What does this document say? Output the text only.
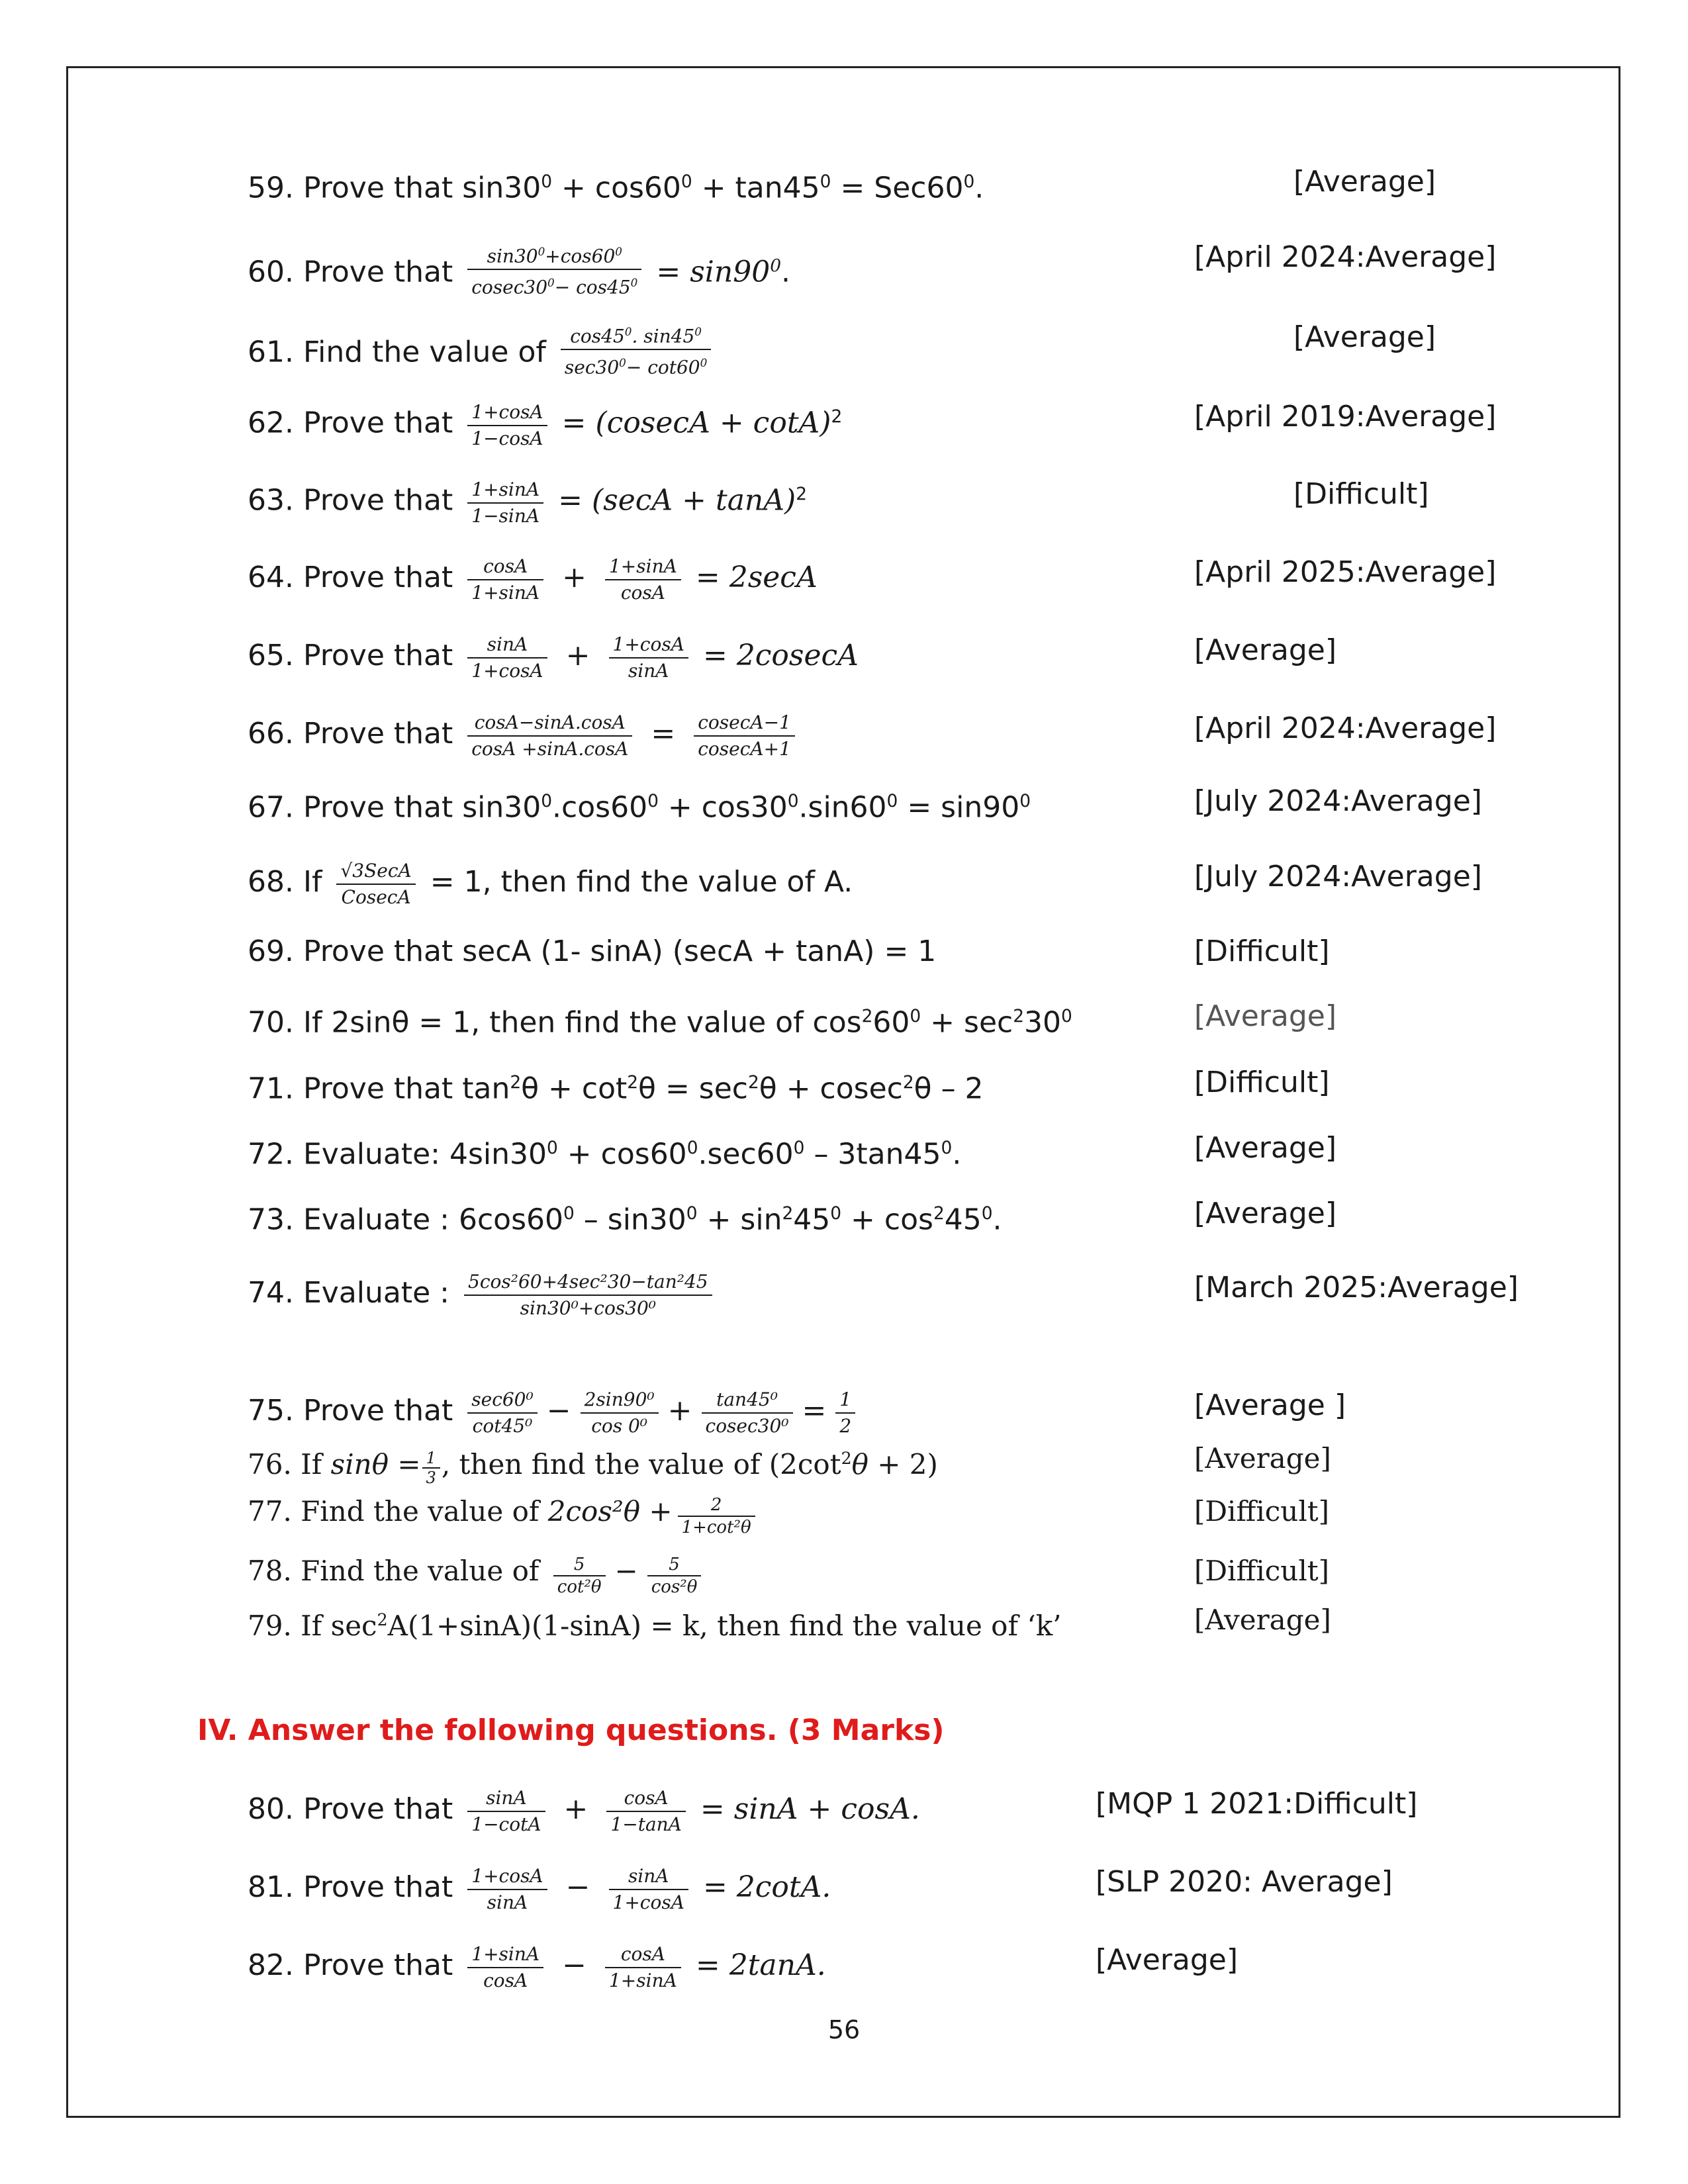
59. Prove that $\sin 30^0 + \cos 60^0 + \tan 45^0 = Sec60^0$.	[Average]
60. Prove that $\frac{\sin 30^0+\cos 60^0}{cosec30^0- \cos 45^0} = \sin 90^0$.	[April 2024:Average]
61. Find the value of $\frac{\cos 45^0. \sin 45^0}{\sec 30^0- \cot 60^0}$	[Average]
62. Prove that $\frac{1+\cos A}{1-\cos A} = (cosecA + \cot A)^2$	[April 2019:Average]
63. Prove that $\frac{1+\sin A}{1-\sin A} = (\sec A + \tan A)^2$	[Difficult]
64. Prove that $\frac{\cos A}{1+\sin A} + \frac{1+\sin A}{\cos A} = 2\sec A$	[April 2025:Average]
65. Prove that $\frac{\sin A}{1+\cos A} + \frac{1+\cos A}{\sin A} = 2cosecA$	[Average]
66. Prove that $\frac{\cos A-\sin A.\cos A}{\cos A +\sin A.\cos A} = \frac{cosecA-1}{cosecA+1}$	[April 2024:Average]
67. Prove that $\sin 30^0.\cos 60^0 + \cos 30^0.\sin 60^0 = \sin 90^0$	[July 2024:Average]
68. If $\frac{\text{√3SecA}}{CosecA} = 1$, then find the value of A.	[July 2024:Average]
69. Prove that secA (1- sinA) (secA + tanA) = 1	[Difficult]
70. If 2sinθ = 1, then find the value of $\cos^260^0 + \sec^230^0$	[Average]
71. Prove that $\tan^2\theta + \cot^2\theta = \sec^2\theta + cosec^2\theta - 2$	[Difficult]
72. Evaluate: $4\sin 30^0 + \cos 60^0.\sec 60^0 - 3\tan 45^0$.	[Average]
73. Evaluate : $6\cos 60^0 - \sin 30^0 + \sin^245^0 + \cos^245^0$.	[Average]
74. Evaluate : $\frac{\text{5cos²60+4sec²30−tan²45}}{\text{sin30⁰+cos30⁰}}$	[March 2025:Average]
75. Prove that $\frac{\text{sec60⁰}}{\text{cot45⁰}} - \frac{\text{2sin90⁰}}{\text{cos 0⁰}} + \frac{\text{tan45⁰}}{\text{cosec30⁰}} = \frac{1}{2}$	[Average ]
76. If $\sin\theta = \frac{1}{3}$ , then find the value of $(2\cot^2\theta + 2)$	[Average]
77. Find the value of $2\cos^2\theta + \frac{2}{\text{1+cot²θ}}$	[Difficult]
78. Find the value of $\frac{5}{\text{cot²θ}} - \frac{5}{\text{cos²θ}}$	[Difficult]
79. If $\sec^2A(1+\sin A)(1-\sin A) = k$, then find the value of ‘k’	[Average]
IV. Answer the following questions. (3 Marks)
80. Prove that $\frac{\sin A}{1-\cot A} + \frac{\cos A}{1-\tan A} = \sin A + \cos A$.	[MQP 1 2021:Difficult]
81. Prove that $\frac{1+\cos A}{\sin A} - \frac{\sin A}{1+\cos A} = 2\cot A$.	[SLP 2020: Average]
82. Prove that $\frac{1+\sin A}{\cos A} - \frac{\cos A}{1+\sin A} = 2\tan A$.	[Average]
56
